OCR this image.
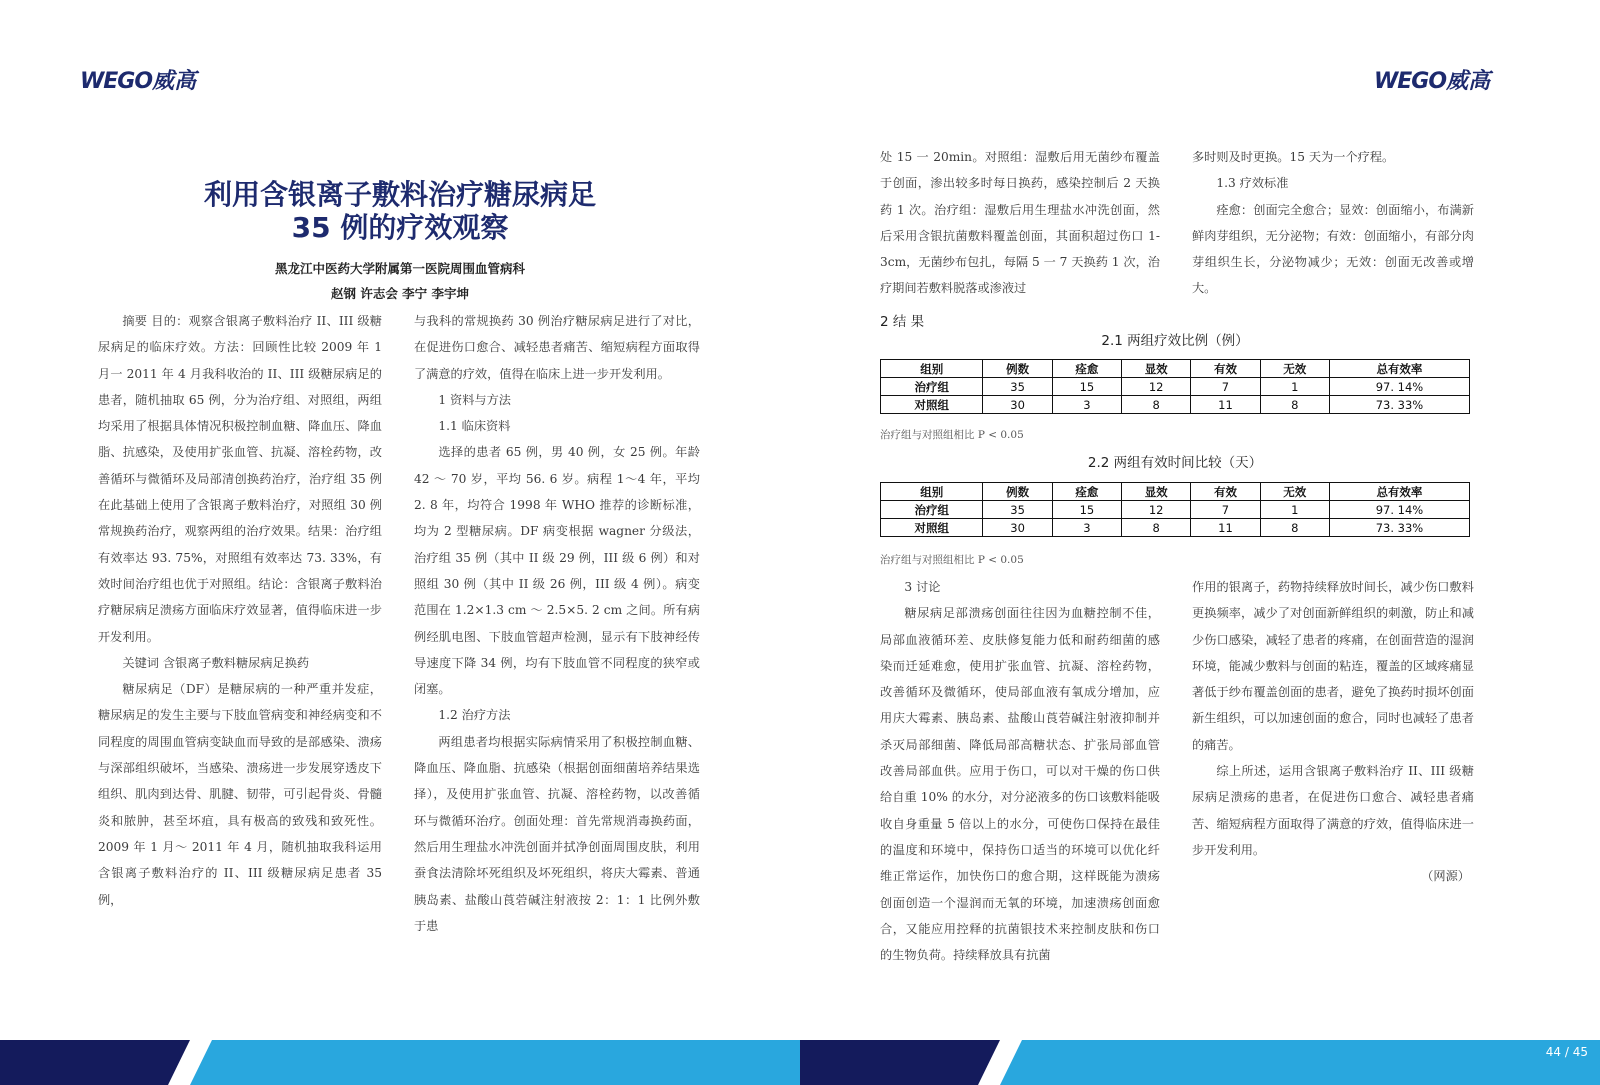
WEGO威高
利用含银离子敷料治疗糖尿病足
35 例的疗效观察
黑龙江中医药大学附属第一医院周围血管病科
赵钢 许志会 李宁 李宇坤

摘要 目的：观察含银离子敷料治疗 II、III 级糖尿病足的临床疗效。方法：回顾性比较 2009 年 1 月一 2011 年 4 月我科收治的 II、III 级糖尿病足的患者，随机抽取 65 例，分为治疗组、对照组，两组均采用了根据具体情况积极控制血糖、降血压、降血脂、抗感染，及使用扩张血管、抗凝、溶栓药物，改善循环与微循环及局部清创换药治疗，治疗组 35 例在此基础上使用了含银离子敷料治疗，对照组 30 例常规换药治疗，观察两组的治疗效果。结果：治疗组有效率达 93. 75%，对照组有效率达 73. 33%，有效时间治疗组也优于对照组。结论：含银离子敷料治疗糖尿病足溃疡方面临床疗效显著，值得临床进一步开发利用。

关键词 含银离子敷料糖尿病足换药

糖尿病足（DF）是糖尿病的一种严重并发症，糖尿病足的发生主要与下肢血管病变和神经病变和不同程度的周围血管病变缺血而导致的是部感染、溃疡与深部组织破坏，当感染、溃疡进一步发展穿透皮下组织、肌肉到达骨、肌腱、韧带，可引起骨炎、骨髓炎和脓肿，甚至坏疽，具有极高的致残和致死性。2009 年 1 月～ 2011 年 4 月，随机抽取我科运用含银离子敷料治疗的 II、III 级糖尿病足患者 35 例，

与我科的常规换药 30 例治疗糖尿病足进行了对比，在促进伤口愈合、减轻患者痛苦、缩短病程方面取得了满意的疗效，值得在临床上进一步开发利用。

1 资料与方法

1.1 临床资料

选择的患者 65 例，男 40 例，女 25 例。年龄 42 ～ 70 岁，平均 56. 6 岁。病程 1～4 年，平均 2. 8 年，均符合 1998 年 WHO 推荐的诊断标准，均为 2 型糖尿病。DF 病变根据 wagner 分级法，治疗组 35 例（其中 II 级 29 例，III 级 6 例）和对照组 30 例（其中 II 级 26 例，III 级 4 例）。病变范围在 1.2×1.3 cm ～ 2.5×5. 2 cm 之间。所有病例经肌电图、下肢血管超声检测，显示有下肢神经传导速度下降 34 例，均有下肢血管不同程度的狭窄或闭塞。

1.2 治疗方法

两组患者均根据实际病情采用了积极控制血糖、降血压、降血脂、抗感染（根据创面细菌培养结果选择），及使用扩张血管、抗凝、溶栓药物，以改善循环与微循环治疗。创面处理：首先常规消毒换药面，然后用生理盐水冲洗创面并拭净创面周围皮肤，利用蚕食法清除坏死组织及坏死组织，将庆大霉素、普通胰岛素、盐酸山莨菪碱注射液按 2：1：1 比例外敷于患

WEGO威高

处 15 一 20min。对照组：湿敷后用无菌纱布覆盖于创面，渗出较多时每日换药，感染控制后 2 天换药 1 次。治疗组：湿敷后用生理盐水冲洗创面，然后采用含银抗菌敷料覆盖创面，其面积超过伤口 1-3cm，无菌纱布包扎，每隔 5 一 7 天换药 1 次，治疗期间若敷料脱落或渗液过

多时则及时更换。15 天为一个疗程。

1.3 疗效标准

痊愈：创面完全愈合；显效：创面缩小，布满新鲜肉芽组织，无分泌物；有效：创面缩小，有部分肉芽组织生长，分泌物减少；无效：创面无改善或增大。

2 结 果
2.1 两组疗效比例（例）
组别	例数	痊愈	显效	有效	无效	总有效率
治疗组	35	15	12	7	1	97. 14%
对照组	30	3	8	11	8	73. 33%
治疗组与对照组相比 P < 0.05
2.2 两组有效时间比较（天）
组别	例数	痊愈	显效	有效	无效	总有效率
治疗组	35	15	12	7	1	97. 14%
对照组	30	3	8	11	8	73. 33%
治疗组与对照组相比 P < 0.05

3 讨论

糖尿病足部溃疡创面往往因为血糖控制不佳，局部血液循环差、皮肤修复能力低和耐药细菌的感染而迁延难愈，使用扩张血管、抗凝、溶栓药物，改善循环及微循环，使局部血液有氧成分增加，应用庆大霉素、胰岛素、盐酸山莨菪碱注射液抑制并杀灭局部细菌、降低局部高糖状态、扩张局部血管改善局部血供。应用于伤口，可以对干燥的伤口供给自重 10% 的水分，对分泌液多的伤口该敷料能吸收自身重量 5 倍以上的水分，可使伤口保持在最佳的温度和环境中，保持伤口适当的环境可以优化纤维正常运作，加快伤口的愈合期，这样既能为溃疡创面创造一个湿润而无氧的环境，加速溃疡创面愈合，又能应用控释的抗菌银技术来控制皮肤和伤口的生物负荷。持续释放具有抗菌

作用的银离子，药物持续释放时间长，减少伤口敷料更换频率，减少了对创面新鲜组织的刺激，防止和减少伤口感染，减轻了患者的疼痛，在创面营造的湿润环境，能减少敷料与创面的粘连，覆盖的区域疼痛显著低于纱布覆盖创面的患者，避免了换药时损坏创面新生组织，可以加速创面的愈合，同时也减轻了患者的痛苦。

综上所述，运用含银离子敷料治疗 II、III 级糖尿病足溃疡的患者，在促进伤口愈合、减轻患者痛苦、缩短病程方面取得了满意的疗效，值得临床进一步开发利用。

（网源）

44 / 45
